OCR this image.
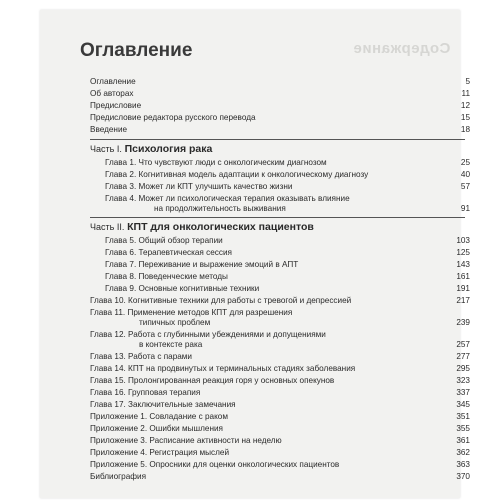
Содержание
Оглавление
Оглавление	5
Об авторах	11
Предисловие	12
Предисловие редактора русского перевода	15
Введение	18
Часть I. Психология рака
Глава 1. Что чувствуют люди с онкологическим диагнозом	25
Глава 2. Когнитивная модель адаптации к онкологическому диагнозу	40
Глава 3. Может ли КПТ улучшить качество жизни	57
Глава 4. Может ли психологическая терапия оказывать влияние
на продолжительность выживания	91
Часть II. КПТ для онкологических пациентов
Глава 5. Общий обзор терапии	103
Глава 6. Терапевтическая сессия	125
Глава 7. Переживание и выражение эмоций в АПТ	143
Глава 8. Поведенческие методы	161
Глава 9. Основные когнитивные техники	191
Глава 10. Когнитивные техники для работы с тревогой и депрессией	217
Глава 11. Применение методов КПТ для разрешения
типичных проблем	239
Глава 12. Работа с глубинными убеждениями и допущениями
в контексте рака	257
Глава 13. Работа с парами	277
Глава 14. КПТ на продвинутых и терминальных стадиях заболевания	295
Глава 15. Пролонгированная реакция горя у основных опекунов	323
Глава 16. Групповая терапия	337
Глава 17. Заключительные замечания	345
Приложение 1. Совладание с раком	351
Приложение 2. Ошибки мышления	355
Приложение 3. Расписание активности на неделю	361
Приложение 4. Регистрация мыслей	362
Приложение 5. Опросники для оценки онкологических пациентов	363
Библиография	370
